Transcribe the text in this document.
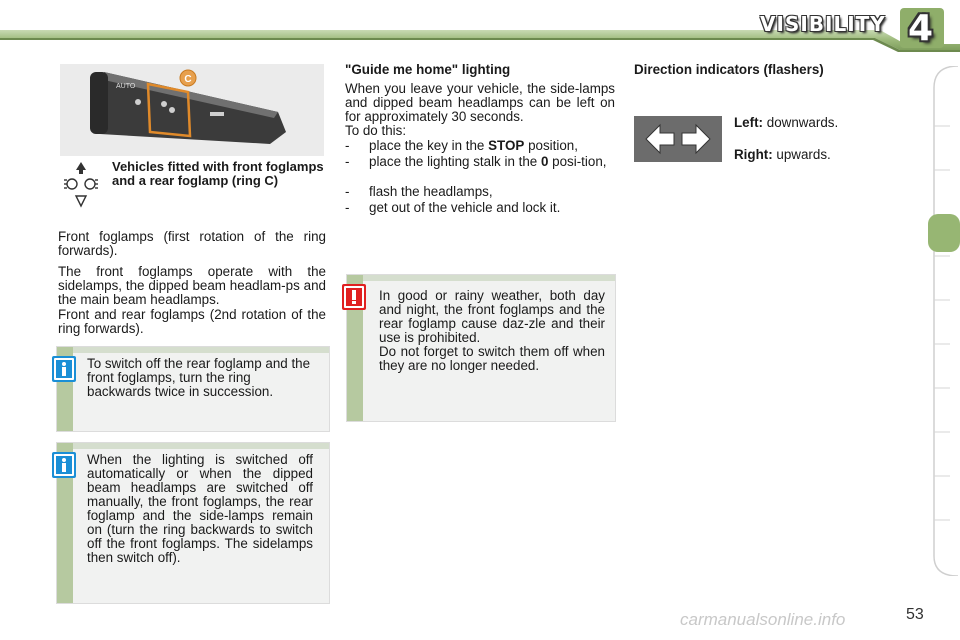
VISIBILITY 4
C
AUTO
Vehicles fitted with front foglamps and a rear foglamp (ring C)
Front foglamps (first rotation of the ring forwards).
The front foglamps operate with the sidelamps, the dipped beam headlam-ps and the main beam headlamps.
Front and rear foglamps (2nd rotation of the ring forwards).
To switch off the rear foglamp and the front foglamps, turn the ring backwards twice in succession.
When the lighting is switched off automatically or when the dipped beam headlamps are switched off manually, the front foglamps, the rear foglamp and the side-lamps remain on (turn the ring backwards to switch off the front foglamps. The sidelamps then switch off).
"Guide me home" lighting
When you leave your vehicle, the side-lamps and dipped beam headlamps can be left on for approximately 30 seconds.
To do this:
- place the key in the STOP position,
- place the lighting stalk in the 0 posi-tion,
- flash the headlamps,
- get out of the vehicle and lock it.
In good or rainy weather, both day and night, the front foglamps and the rear foglamp cause daz-zle and their use is prohibited.
Do not forget to switch them off when they are no longer needed.
Direction indicators (flashers)
Left: downwards.
Right: upwards.
carmanualsonline.info	53
